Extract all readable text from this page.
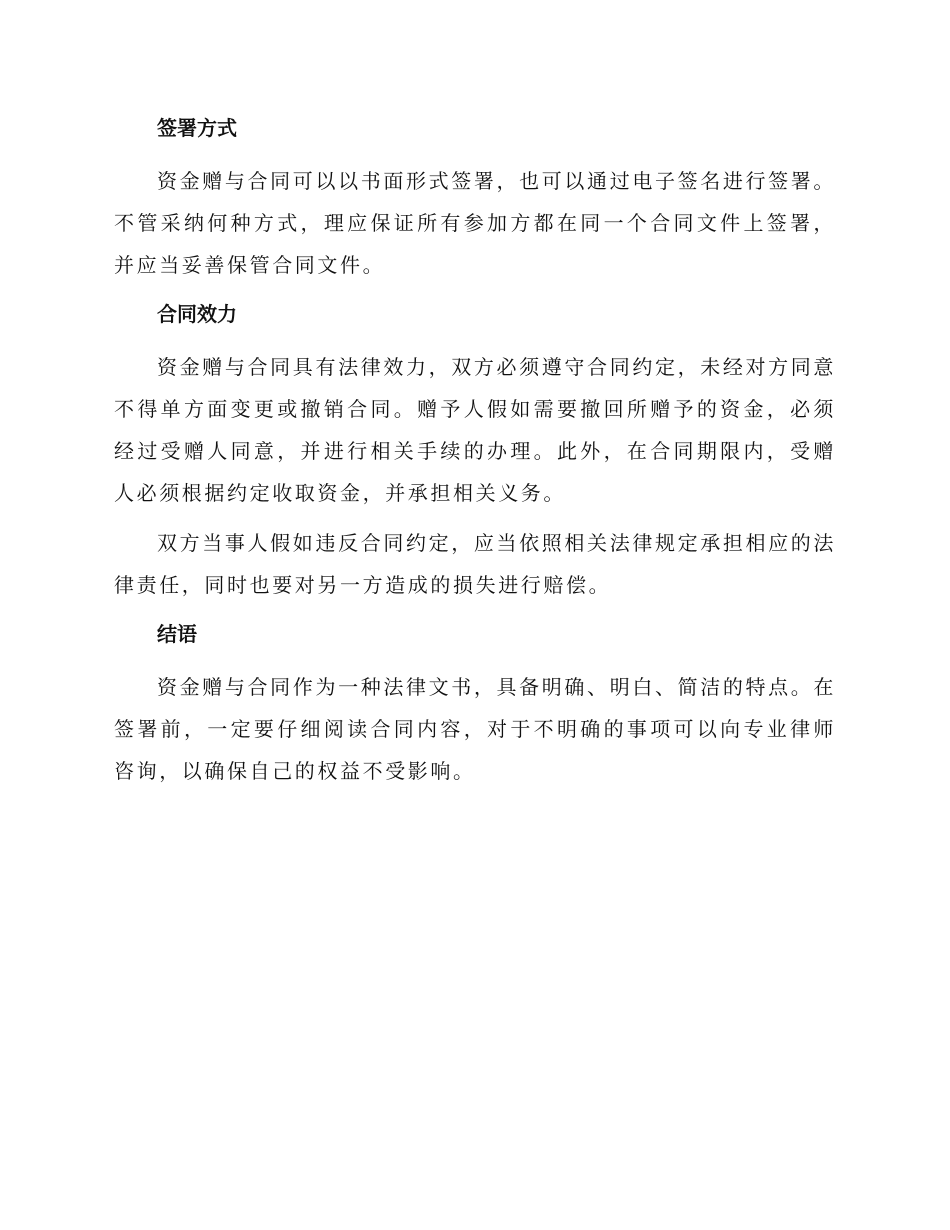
签署方式

资金赠与合同可以以书面形式签署，也可以通过电子签名进行签署。不管采纳何种方式，理应保证所有参加方都在同一个合同文件上签署，并应当妥善保管合同文件。

合同效力

资金赠与合同具有法律效力，双方必须遵守合同约定，未经对方同意不得单方面变更或撤销合同。赠予人假如需要撤回所赠予的资金，必须经过受赠人同意，并进行相关手续的办理。此外，在合同期限内，受赠人必须根据约定收取资金，并承担相关义务。

双方当事人假如违反合同约定，应当依照相关法律规定承担相应的法律责任，同时也要对另一方造成的损失进行赔偿。

结语

资金赠与合同作为一种法律文书，具备明确、明白、简洁的特点。在签署前，一定要仔细阅读合同内容，对于不明确的事项可以向专业律师咨询，以确保自己的权益不受影响。
